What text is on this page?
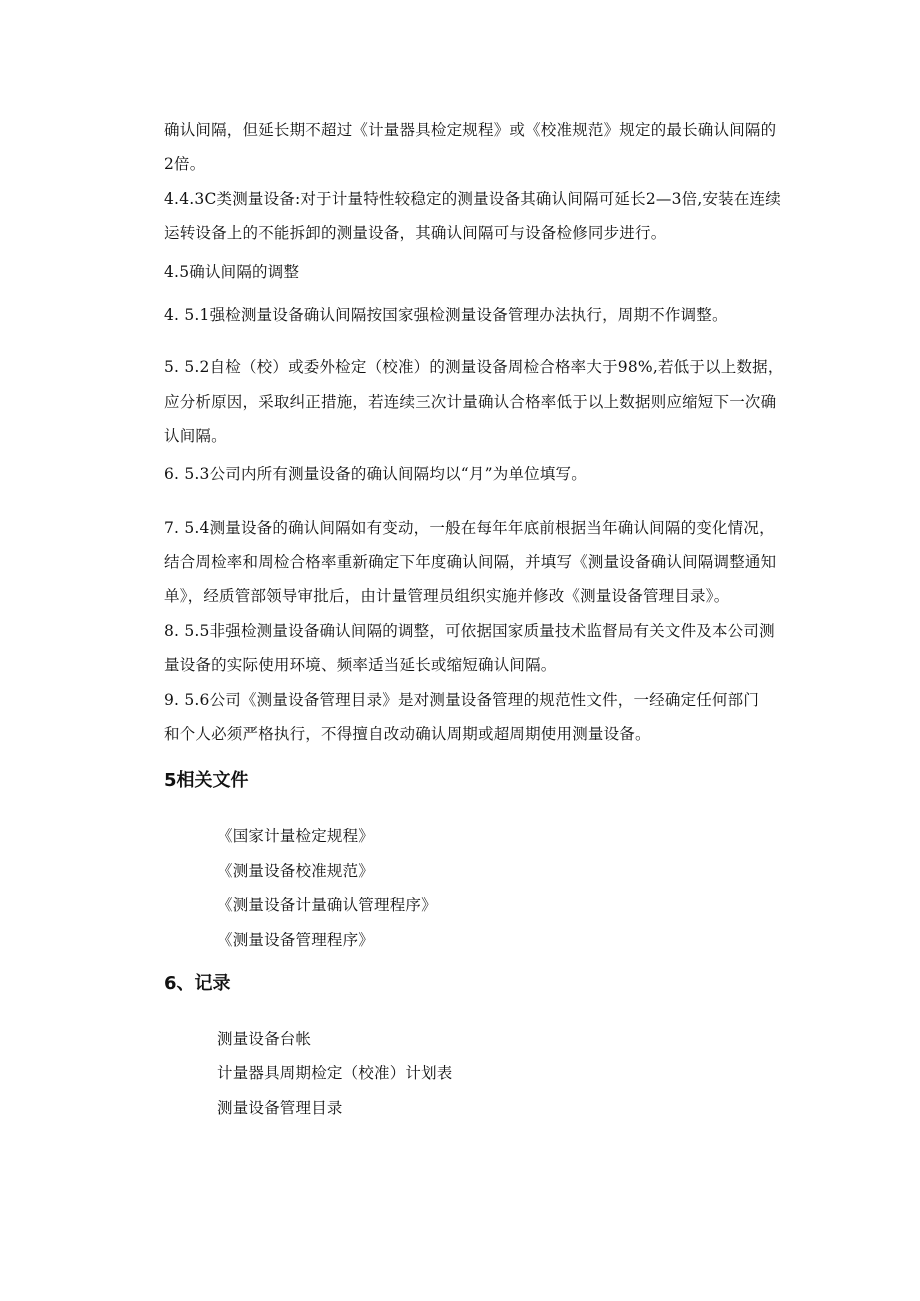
确认间隔，但延长期不超过《计量器具检定规程》或《校准规范》规定的最长确认间隔的
2倍。
4.4.3C类测量设备:对于计量特性较稳定的测量设备其确认间隔可延长2—3倍,安装在连续
运转设备上的不能拆卸的测量设备，其确认间隔可与设备检修同步进行。
4.5确认间隔的调整
4. 5.1强检测量设备确认间隔按国家强检测量设备管理办法执行，周期不作调整。
5. 5.2自检（校）或委外检定（校准）的测量设备周检合格率大于98%,若低于以上数据，
应分析原因，采取纠正措施，若连续三次计量确认合格率低于以上数据则应缩短下一次确
认间隔。
6. 5.3公司内所有测量设备的确认间隔均以“月”为单位填写。
7. 5.4测量设备的确认间隔如有变动，一般在每年年底前根据当年确认间隔的变化情况，
结合周检率和周检合格率重新确定下年度确认间隔，并填写《测量设备确认间隔调整通知
单》，经质管部领导审批后，由计量管理员组织实施并修改《测量设备管理目录》。
8. 5.5非强检测量设备确认间隔的调整，可依据国家质量技术监督局有关文件及本公司测
量设备的实际使用环境、频率适当延长或缩短确认间隔。
9. 5.6公司《测量设备管理目录》是对测量设备管理的规范性文件，一经确定任何部门
和个人必须严格执行，不得擅自改动确认周期或超周期使用测量设备。
5相关文件
《国家计量检定规程》
《测量设备校准规范》
《测量设备计量确认管理程序》
《测量设备管理程序》
6、记录
测量设备台帐
计量器具周期检定（校准）计划表
测量设备管理目录
